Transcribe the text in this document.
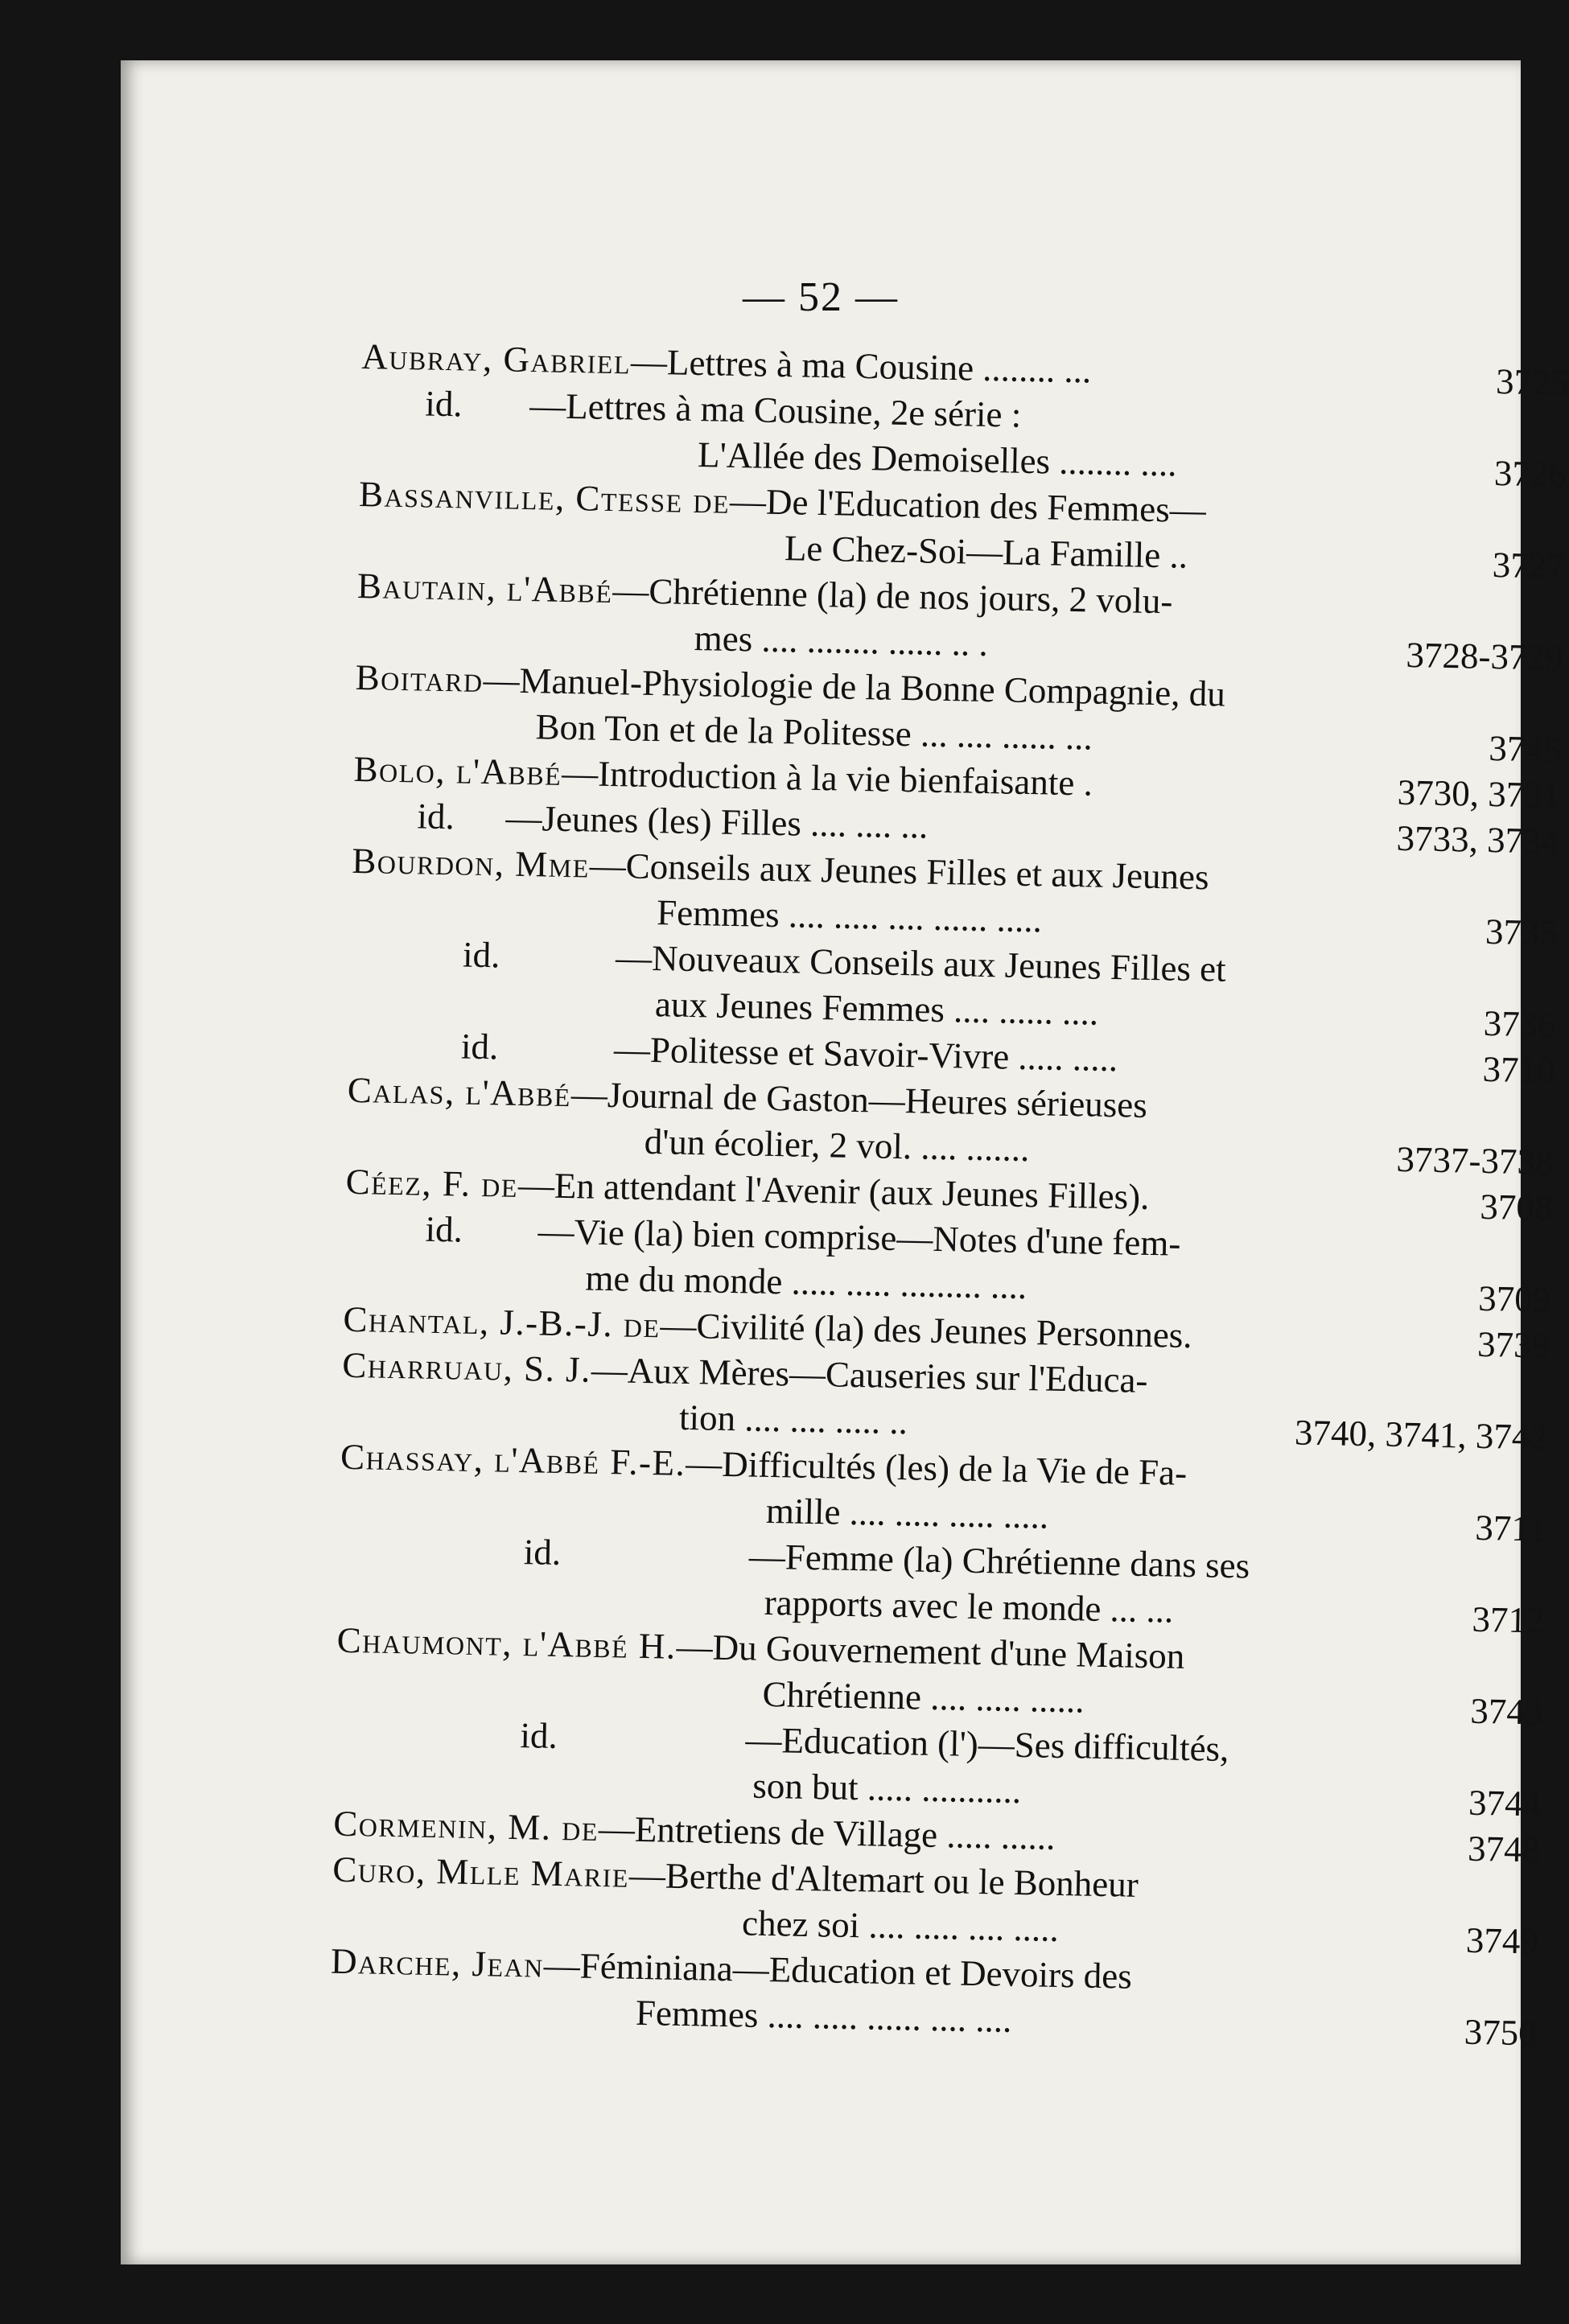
— 52 —
Aubray, Gabriel—Lettres à ma Cousine ........ ...	3725
id. —Lettres à ma Cousine, 2e série :
L'Allée des Demoiselles ........ ....	3726
Bassanville, Ctesse de—De l'Education des Femmes—
Le Chez-Soi—La Famille ..	3727
Bautain, l'Abbé—Chrétienne (la) de nos jours, 2 volu-
mes .... ........ ...... .. .	3728-3729
Boitard—Manuel-Physiologie de la Bonne Compagnie, du
Bon Ton et de la Politesse ... .... ...... ...	3745
Bolo, l'Abbé—Introduction à la vie bienfaisante .	3730, 3731
id. —Jeunes (les) Filles .... .... ...	3733, 3734
Bourdon, Mme—Conseils aux Jeunes Filles et aux Jeunes
Femmes .... ..... .... ...... .....	3735
id.	—Nouveaux Conseils aux Jeunes Filles et
aux Jeunes Femmes .... ...... ....	3736
id.	—Politesse et Savoir-Vivre ..... .....	3710
Calas, l'Abbé—Journal de Gaston—Heures sérieuses
d'un écolier, 2 vol. .... .......	3737-3738
Céez, F. de—En attendant l'Avenir (aux Jeunes Filles).	3708
id. —Vie (la) bien comprise—Notes d'une fem-
me du monde ..... ..... ......... ....	3709
Chantal, J.-B.-J. de—Civilité (la) des Jeunes Personnes.	3739
Charruau, S. J.—Aux Mères—Causeries sur l'Educa-
tion .... .... ..... ..	3740, 3741, 3742
Chassay, l'Abbé F.-E.—Difficultés (les) de la Vie de Fa-
mille .... ..... ..... .....	3711
id.	—Femme (la) Chrétienne dans ses
rapports avec le monde ... ...	3712
Chaumont, l'Abbé H.—Du Gouvernement d'une Maison
Chrétienne .... ..... ......	3743
id.	—Education (l')—Ses difficultés,
son but ..... ...........	3744
Cormenin, M. de—Entretiens de Village ..... ......	3748
Curo, Mlle Marie—Berthe d'Altemart ou le Bonheur
chez soi .... ..... .... .....	3749
Darche, Jean—Féminiana—Education et Devoirs des
Femmes .... ..... ...... .... ....	3750
